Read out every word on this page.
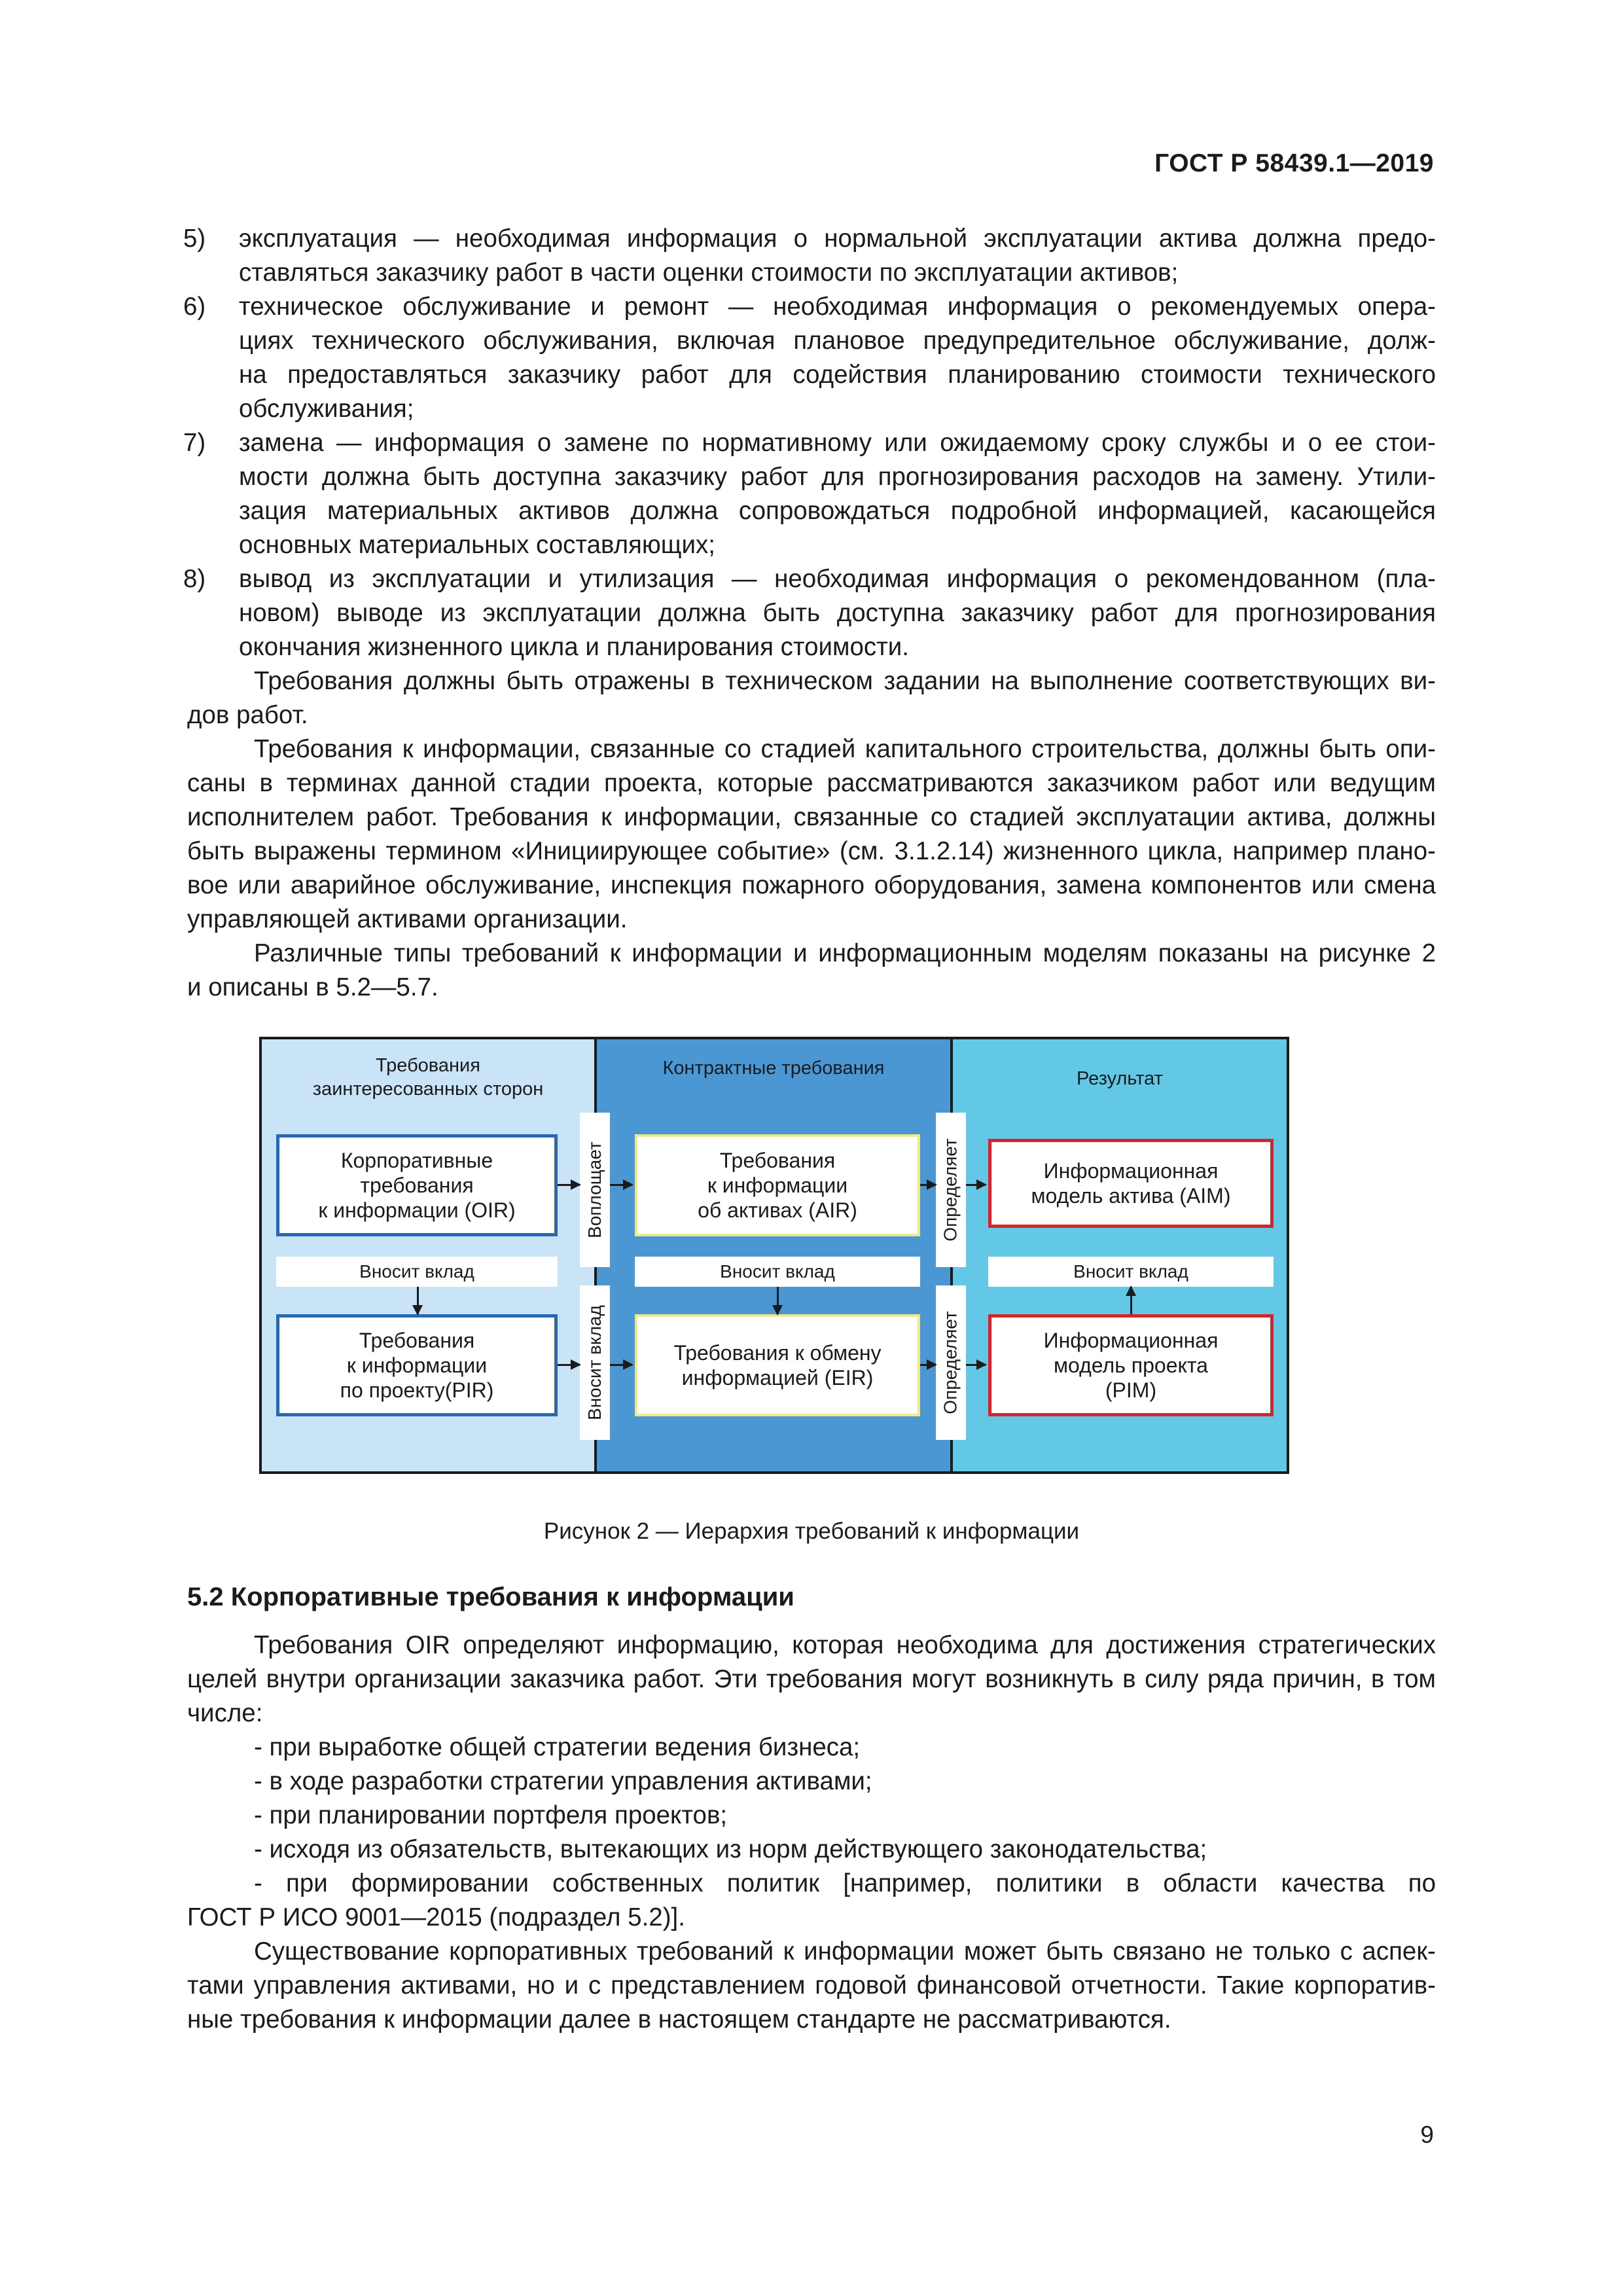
ГОСТ Р 58439.1—2019
5) эксплуатация — необходимая информация о нормальной эксплуатации актива должна предо-
ставляться заказчику работ в части оценки стоимости по эксплуатации активов;
6) техническое обслуживание и ремонт — необходимая информация о рекомендуемых опера-
циях технического обслуживания, включая плановое предупредительное обслуживание, долж-
на предоставляться заказчику работ для содействия планированию стоимости технического
обслуживания;
7) замена — информация о замене по нормативному или ожидаемому сроку службы и о ее стои-
мости должна быть доступна заказчику работ для прогнозирования расходов на замену. Утили-
зация материальных активов должна сопровождаться подробной информацией, касающейся
основных материальных составляющих;
8) вывод из эксплуатации и утилизация — необходимая информация о рекомендованном (пла-
новом) выводе из эксплуатации должна быть доступна заказчику работ для прогнозирования
окончания жизненного цикла и планирования стоимости.
Требования должны быть отражены в техническом задании на выполнение соответствующих ви-
дов работ.
Требования к информации, связанные со стадией капитального строительства, должны быть опи-
саны в терминах данной стадии проекта, которые рассматриваются заказчиком работ или ведущим
исполнителем работ. Требования к информации, связанные со стадией эксплуатации актива, должны
быть выражены термином «Инициирующее событие» (см. 3.1.2.14) жизненного цикла, например плано-
вое или аварийное обслуживание, инспекция пожарного оборудования, замена компонентов или смена
управляющей активами организации.
Различные типы требований к информации и информационным моделям показаны на рисунке 2
и описаны в 5.2—5.7.
Требования
заинтересованных сторон
Контрактные требования	Результат
Корпоративные
требования
к информации (OIR)
Вносит вклад
Требования
к информации
по проекту(PIR)
Воплощает
Вносит вклад
Требования
к информации
об активах (AIR)
Вносит вклад
Требования к обмену
информацией (EIR)
Определяет
Определяет
Информационная
модель актива (AIM)
Вносит вклад
Информационная
модель проекта
(PIM)
Рисунок 2 — Иерархия требований к информации
5.2 Корпоративные требования к информации
Требования OIR определяют информацию, которая необходима для достижения стратегических
целей внутри организации заказчика работ. Эти требования могут возникнуть в силу ряда причин, в том
числе:
- при выработке общей стратегии ведения бизнеса;
- в ходе разработки стратегии управления активами;
- при планировании портфеля проектов;
- исходя из обязательств, вытекающих из норм действующего законодательства;
- при формировании собственных политик [например, политики в области качества по
ГОСТ Р ИСО 9001—2015 (подраздел 5.2)].
Существование корпоративных требований к информации может быть связано не только с аспек-
тами управления активами, но и с представлением годовой финансовой отчетности. Такие корпоратив-
ные требования к информации далее в настоящем стандарте не рассматриваются.
9
